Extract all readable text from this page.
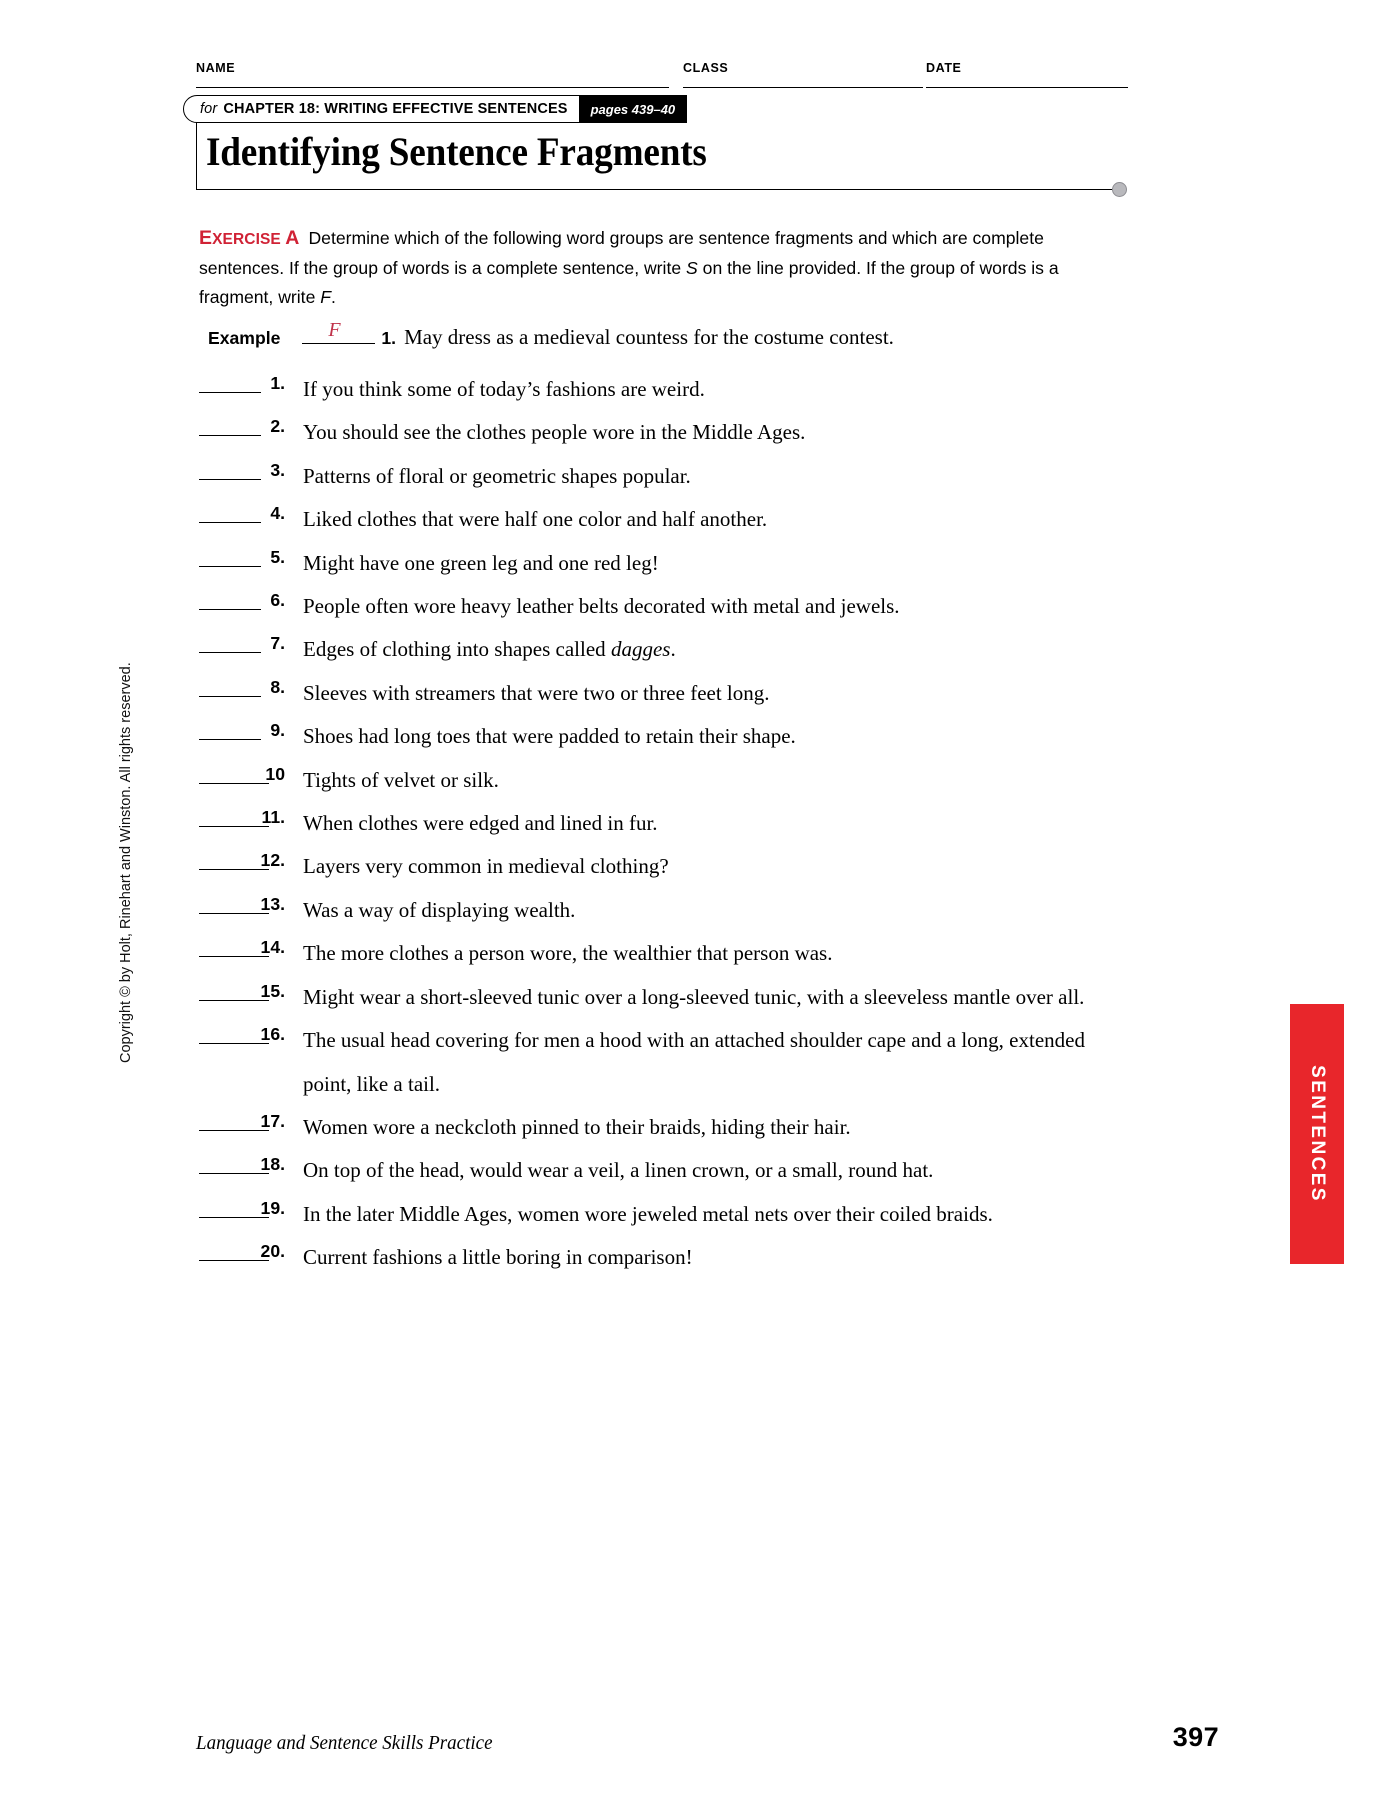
NAME	CLASS	DATE
for CHAPTER 18: WRITING EFFECTIVE SENTENCES	pages 439–40
Identifying Sentence Fragments
EXERCISE A Determine which of the following word groups are sentence fragments and which are complete sentences. If the group of words is a complete sentence, write S on the line provided. If the group of words is a fragment, write F.
Example F 1. May dress as a medieval countess for the costume contest.
1. If you think some of today’s fashions are weird.
2. You should see the clothes people wore in the Middle Ages.
3. Patterns of floral or geometric shapes popular.
4. Liked clothes that were half one color and half another.
5. Might have one green leg and one red leg!
6. People often wore heavy leather belts decorated with metal and jewels.
7. Edges of clothing into shapes called dagges.
8. Sleeves with streamers that were two or three feet long.
9. Shoes had long toes that were padded to retain their shape.
10 Tights of velvet or silk.
11. When clothes were edged and lined in fur.
12. Layers very common in medieval clothing?
13. Was a way of displaying wealth.
14. The more clothes a person wore, the wealthier that person was.
15. Might wear a short-sleeved tunic over a long-sleeved tunic, with a sleeveless mantle over all.
16. The usual head covering for men a hood with an attached shoulder cape and a long, extended point, like a tail.
17. Women wore a neckcloth pinned to their braids, hiding their hair.
18. On top of the head, would wear a veil, a linen crown, or a small, round hat.
19. In the later Middle Ages, women wore jeweled metal nets over their coiled braids.
20. Current fashions a little boring in comparison!
SENTENCES
Copyright © by Holt, Rinehart and Winston. All rights reserved.
Language and Sentence Skills Practice	397
